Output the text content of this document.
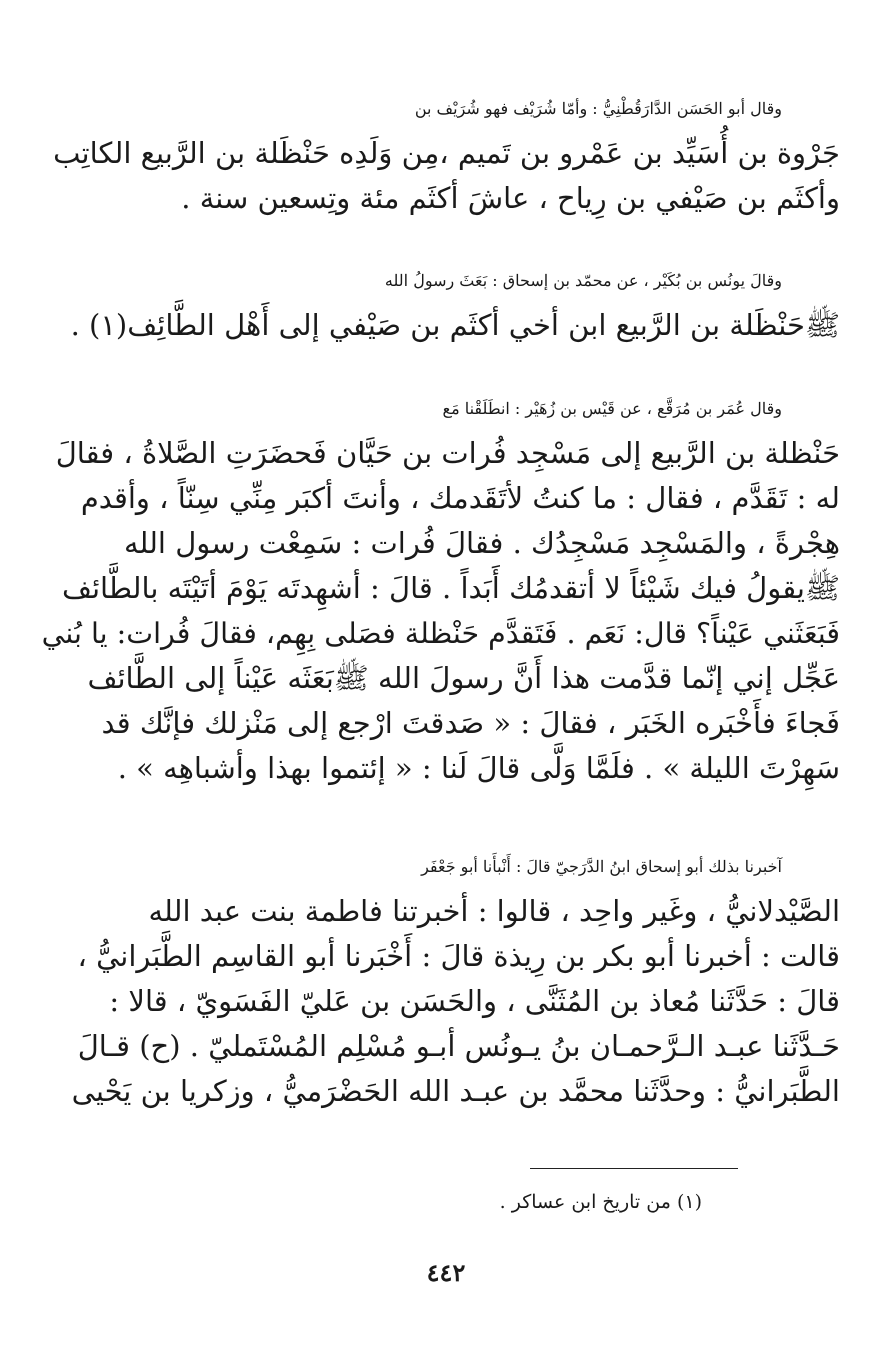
وقال أبو الحَسَن الدَّارَقُطْنِيُّ : وأمّا شُرَيْف فهو شُرَيْف بن
جَرْوة بن أُسَيِّد بن عَمْرو بن تَميم ،مِن وَلَدِه حَنْظَلة بن الرَّبيع الكاتِب
وأكثَم بن صَيْفي بن رِياح ، عاشَ أكثَم مئة وتِسعين سنة .

وقالَ يونُس بن بُكَيْر ، عن محمّد بن إسحاق : بَعَثَ رسولُ الله
ﷺحَنْظَلة بن الرَّبيع ابن أخي أكثَم بن صَيْفي إلى أَهْل الطَّائِف(١) .

وقال عُمَر بن مُرَقَّع ، عن قَيْس بن زُهَيْر : انطَلَقْنا مَع
حَنْظلة بن الرَّبيع إلى مَسْجِد فُرات بن حَيَّان فَحضَرَتِ الصَّلاةُ ، فقالَ
له : تَقَدَّم ، فقال : ما كنتُ لأتَقَدمك ، وأنتَ أكبَر مِنِّي سِنّاً ، وأقدم
هِجْرةً ، والمَسْجِد مَسْجِدُك . فقالَ فُرات : سَمِعْت رسول الله
ﷺيقولُ فيك شَيْئاً لا أتقدمُك أَبَداً . قالَ : أشهِدتَه يَوْمَ أتَيْتَه بالطَّائف
فَبَعَثَني عَيْناً؟ قال: نَعَم . فَتَقدَّم حَنْظلة فصَلى بِهِم، فقالَ فُرات: يا بُني
عَجِّل إني إنّما قدَّمت هذا أَنَّ رسولَ الله ﷺبَعَثَه عَيْناً إلى الطَّائف
فَجاءَ فأَخْبَره الخَبَر ، فقالَ : « صَدقتَ ارْجع إلى مَنْزلك فإنَّك قد
سَهِرْتَ الليلة » . فلَمَّا وَلَّى قالَ لَنا : « إئتموا بهذا وأشباهِه » .

آخبرنا بذلك أبو إسحاق ابنُ الدَّرَجيّ قالَ : أَنْبأَنا أبو جَعْفَر
الصَّيْدلانيُّ ، وغَير واحِد ، قالوا : أخبرتنا فاطمة بنت عبد الله
قالت : أخبرنا أبو بكر بن رِيذة قالَ : أَخْبَرنا أبو القاسِم الطَّبَرانيُّ ،
قالَ : حَدَّثَنا مُعاذ بن المُثَنَّى ، والحَسَن بن عَليّ الفَسَويّ ، قالا :
حَـدَّثَنا عبـد الـرَّحمـان بنُ يـونُس أبـو مُسْلِم المُسْتَمليّ . (ح) قـالَ
الطَّبَرانيُّ : وحدَّثَنا محمَّد بن عبـد الله الحَضْرَميُّ ، وزكريا بن يَحْيى

(١) من تاريخ ابن عساكر .
٤٤٢
